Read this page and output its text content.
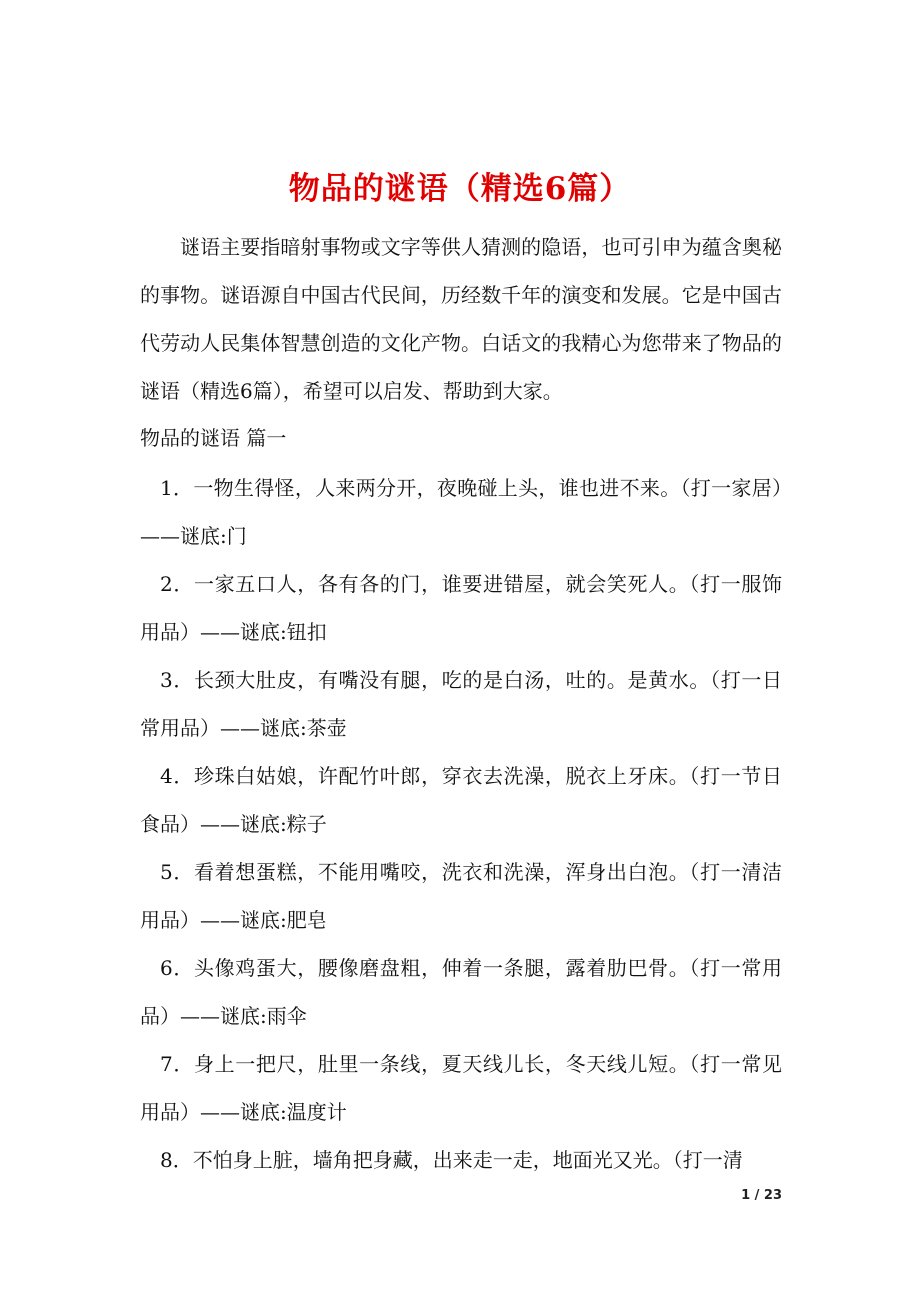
物品的谜语（精选6篇）

谜语主要指暗射事物或文字等供人猜测的隐语，也可引申为蕴含奥秘的事物。谜语源自中国古代民间，历经数千年的演变和发展。它是中国古代劳动人民集体智慧创造的文化产物。白话文的我精心为您带来了物品的谜语（精选6篇），希望可以启发、帮助到大家。

物品的谜语 篇一

1．一物生得怪，人来两分开，夜晚碰上头，谁也进不来。（打一家居）——谜底:门

2．一家五口人，各有各的门，谁要进错屋，就会笑死人。（打一服饰用品）——谜底:钮扣

3．长颈大肚皮，有嘴没有腿，吃的是白汤，吐的。是黄水。（打一日常用品）——谜底:茶壶

4．珍珠白姑娘，许配竹叶郎，穿衣去洗澡，脱衣上牙床。（打一节日食品）——谜底:粽子

5．看着想蛋糕，不能用嘴咬，洗衣和洗澡，浑身出白泡。（打一清洁用品）——谜底:肥皂

6．头像鸡蛋大，腰像磨盘粗，伸着一条腿，露着肋巴骨。（打一常用品）——谜底:雨伞

7．身上一把尺，肚里一条线，夏天线儿长，冬天线儿短。（打一常见用品）——谜底:温度计

8．不怕身上脏，墙角把身藏，出来走一走，地面光又光。（打一清

1 / 23
